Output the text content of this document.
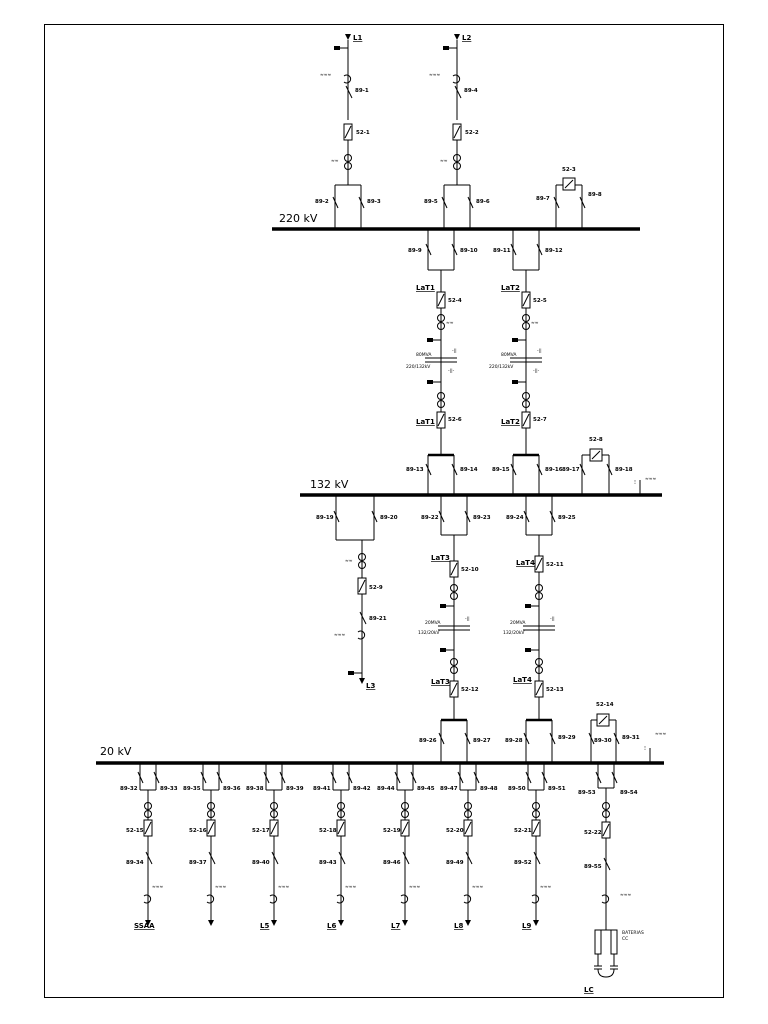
220 kV
132 kV
20 kV
L1
≈≈≈
89-1
52-1
≈≈
89-2	89-3
L2
≈≈≈
89-4
52-2
≈≈
89-5	89-6
52-3
89-7
89-8
89-9	89-10
LaT1
52-4
≈≈
80MVA
220/132kV
-||
-||-
LaT1 52-6
89-13	89-14
89-11	89-12
LaT2
52-5
≈≈
80MVA
220/132kV
-||
-||-
LaT2 52-7
89-15	89-16
52-8
89-17	89-18
⫶⫶
≈≈≈
89-19	89-20
≈≈
52-9
89-21
≈≈≈
L3
89-22	89-23
LaT3
52-10
20MVA
132/20kV
-||
LaT3
52-12
89-26	89-27
89-24	89-25
LaT4 52-11
20MVA
132/20kV
-||
LaT4
52-13
89-28	89-29
52-14
89-30 89-31
⫶⫶
≈≈≈
89-32	89-33
52-15
89-34
≈≈≈
SSAA
89-35	89-36
52-16
89-37
≈≈≈
89-38	89-39
52-17
89-40
≈≈≈
L5
89-41	89-42
52-18
89-43
≈≈≈
L6
89-44	89-45
52-19
89-46
≈≈≈
L7
89-47	89-48
52-20
89-49
≈≈≈
L8
89-50	89-51
52-21
89-52
≈≈≈
L9
89-53	89-54
52-22
89-55
≈≈≈
BATERIAS
CC
LC
